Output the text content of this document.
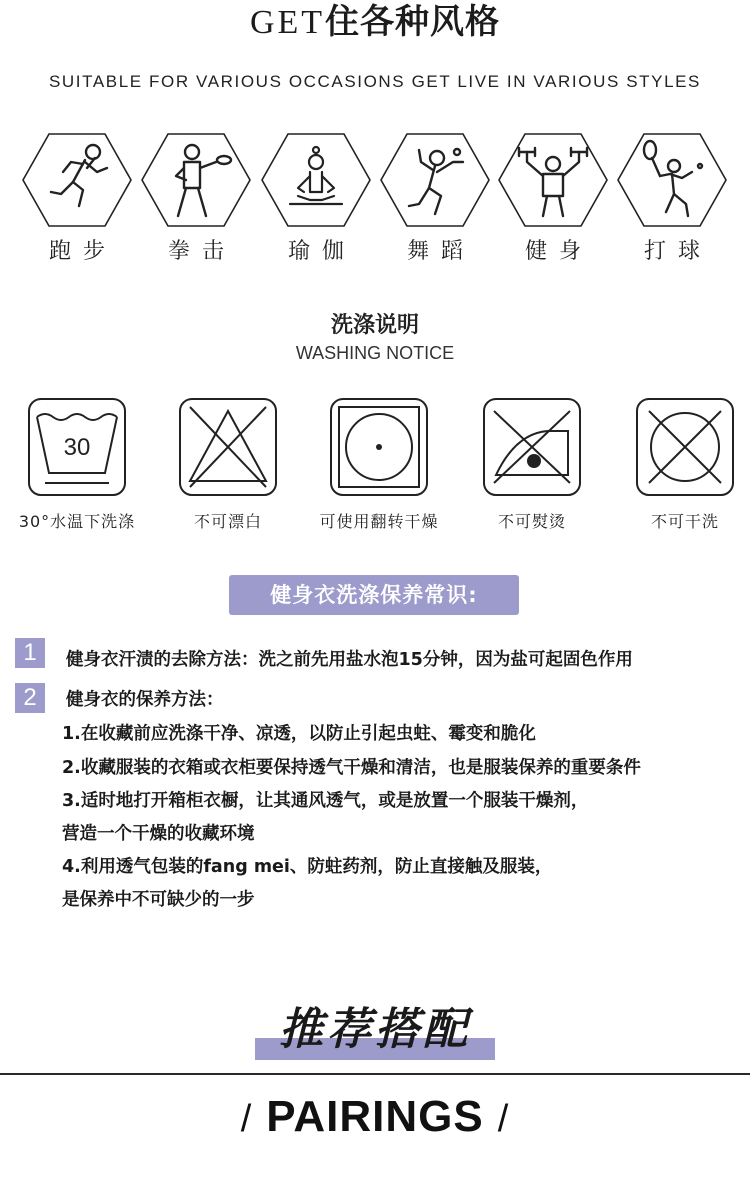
GET住各种风格
SUITABLE FOR VARIOUS OCCASIONS GET LIVE IN VARIOUS STYLES
跑步	拳击	瑜伽	舞蹈	健身	打球
洗涤说明
WASHING NOTICE
30
30°水温下洗涤	不可漂白	可使用翻转干燥	不可熨烫	不可干洗
健身衣洗涤保养常识:
1	健身衣汗渍的去除方法：洗之前先用盐水泡15分钟，因为盐可起固色作用
2	健身衣的保养方法：
1.在收藏前应洗涤干净、凉透，以防止引起虫蛀、霉变和脆化
2.收藏服装的衣箱或衣柜要保持透气干燥和清洁，也是服装保养的重要条件
3.适时地打开箱柜衣橱，让其通风透气，或是放置一个服装干燥剂，
营造一个干燥的收藏环境
4.利用透气包装的fang mei、防蛀药剂，防止直接触及服装，
是保养中不可缺少的一步
推荐搭配
/ PAIRINGS /
